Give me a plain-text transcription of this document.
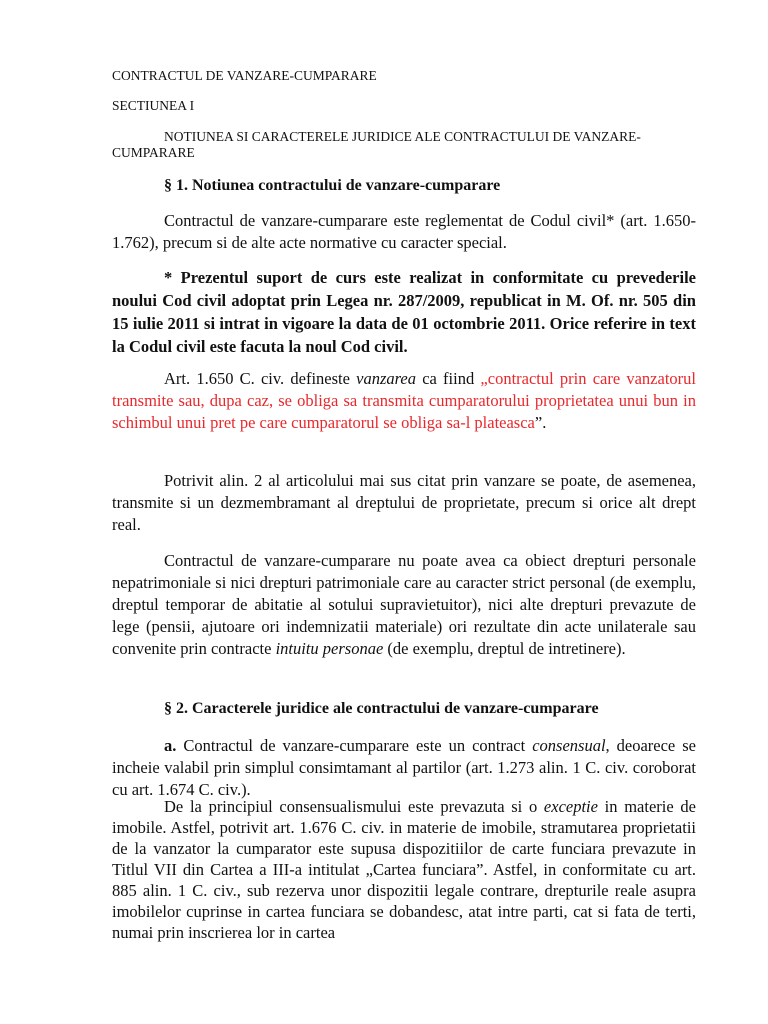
CONTRACTUL DE VANZARE-CUMPARARE

SECTIUNEA I

NOTIUNEA SI CARACTERELE JURIDICE ALE CONTRACTULUI DE VANZARE-CUMPARARE

§ 1. Notiunea contractului de vanzare-cumparare

Contractul de vanzare-cumparare este reglementat de Codul civil* (art. 1.650-1.762), precum si de alte acte normative cu caracter special.

* Prezentul suport de curs este realizat in conformitate cu prevederile noului Cod civil adoptat prin Legea nr. 287/2009, republicat in M. Of. nr. 505 din 15 iulie 2011 si intrat in vigoare la data de 01 octombrie 2011. Orice referire in text la Codul civil este facuta la noul Cod civil.

Art. 1.650 C. civ. defineste vanzarea ca fiind „contractul prin care vanzatorul transmite sau, dupa caz, se obliga sa transmita cumparatorului proprietatea unui bun in schimbul unui pret pe care cumparatorul se obliga sa-l plateasca”.

Potrivit alin. 2 al articolului mai sus citat prin vanzare se poate, de asemenea, transmite si un dezmembramant al dreptului de proprietate, precum si orice alt drept real.

Contractul de vanzare-cumparare nu poate avea ca obiect drepturi personale nepatrimoniale si nici drepturi patrimoniale care au caracter strict personal (de exemplu, dreptul temporar de abitatie al sotului supravietuitor), nici alte drepturi prevazute de lege (pensii, ajutoare ori indemnizatii materiale) ori rezultate din acte unilaterale sau convenite prin contracte intuitu personae (de exemplu, dreptul de intretinere).

§ 2. Caracterele juridice ale contractului de vanzare-cumparare

a. Contractul de vanzare-cumparare este un contract consensual, deoarece se incheie valabil prin simplul consimtamant al partilor (art. 1.273 alin. 1 C. civ. coroborat cu art. 1.674 C. civ.).

De la principiul consensualismului este prevazuta si o exceptie in materie de imobile. Astfel, potrivit art. 1.676 C. civ. in materie de imobile, stramutarea proprietatii de la vanzator la cumparator este supusa dispozitiilor de carte funciara prevazute in Titlul VII din Cartea a III-a intitulat „Cartea funciara”. Astfel, in conformitate cu art. 885 alin. 1 C. civ., sub rezerva unor dispozitii legale contrare, drepturile reale asupra imobilelor cuprinse in cartea funciara se dobandesc, atat intre parti, cat si fata de terti, numai prin inscrierea lor in cartea
